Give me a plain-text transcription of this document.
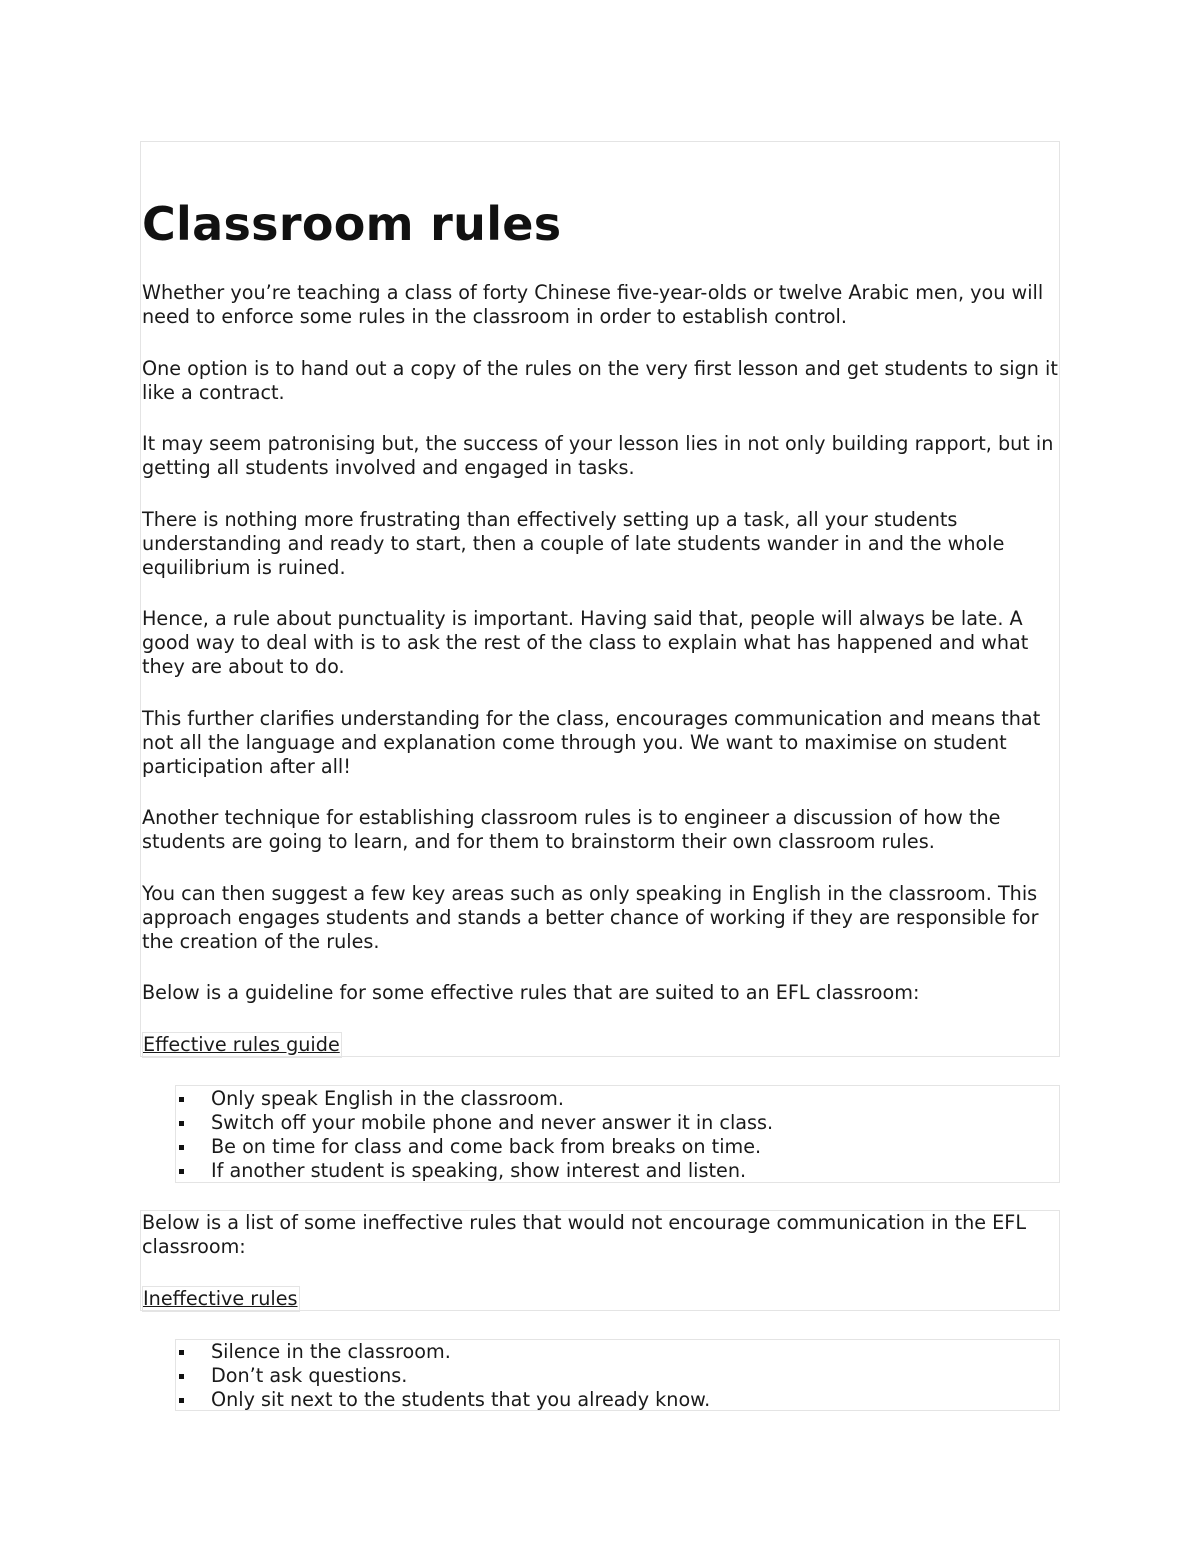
Classroom rules

Whether you’re teaching a class of forty Chinese five-year-olds or twelve Arabic men, you will need to enforce some rules in the classroom in order to establish control.

One option is to hand out a copy of the rules on the very first lesson and get students to sign it like a contract.

It may seem patronising but, the success of your lesson lies in not only building rapport, but in getting all students involved and engaged in tasks.

There is nothing more frustrating than effectively setting up a task, all your students understanding and ready to start, then a couple of late students wander in and the whole equilibrium is ruined.

Hence, a rule about punctuality is important. Having said that, people will always be late. A good way to deal with is to ask the rest of the class to explain what has happened and what they are about to do.

This further clarifies understanding for the class, encourages communication and means that not all the language and explanation come through you. We want to maximise on student participation after all!

Another technique for establishing classroom rules is to engineer a discussion of how the students are going to learn, and for them to brainstorm their own classroom rules.

You can then suggest a few key areas such as only speaking in English in the classroom. This approach engages students and stands a better chance of working if they are responsible for the creation of the rules.

Below is a guideline for some effective rules that are suited to an EFL classroom:

Effective rules guide
Only speak English in the classroom.
Switch off your mobile phone and never answer it in class.
Be on time for class and come back from breaks on time.
If another student is speaking, show interest and listen.

Below is a list of some ineffective rules that would not encourage communication in the EFL classroom:

Ineffective rules
Silence in the classroom.
Don’t ask questions.
Only sit next to the students that you already know.
